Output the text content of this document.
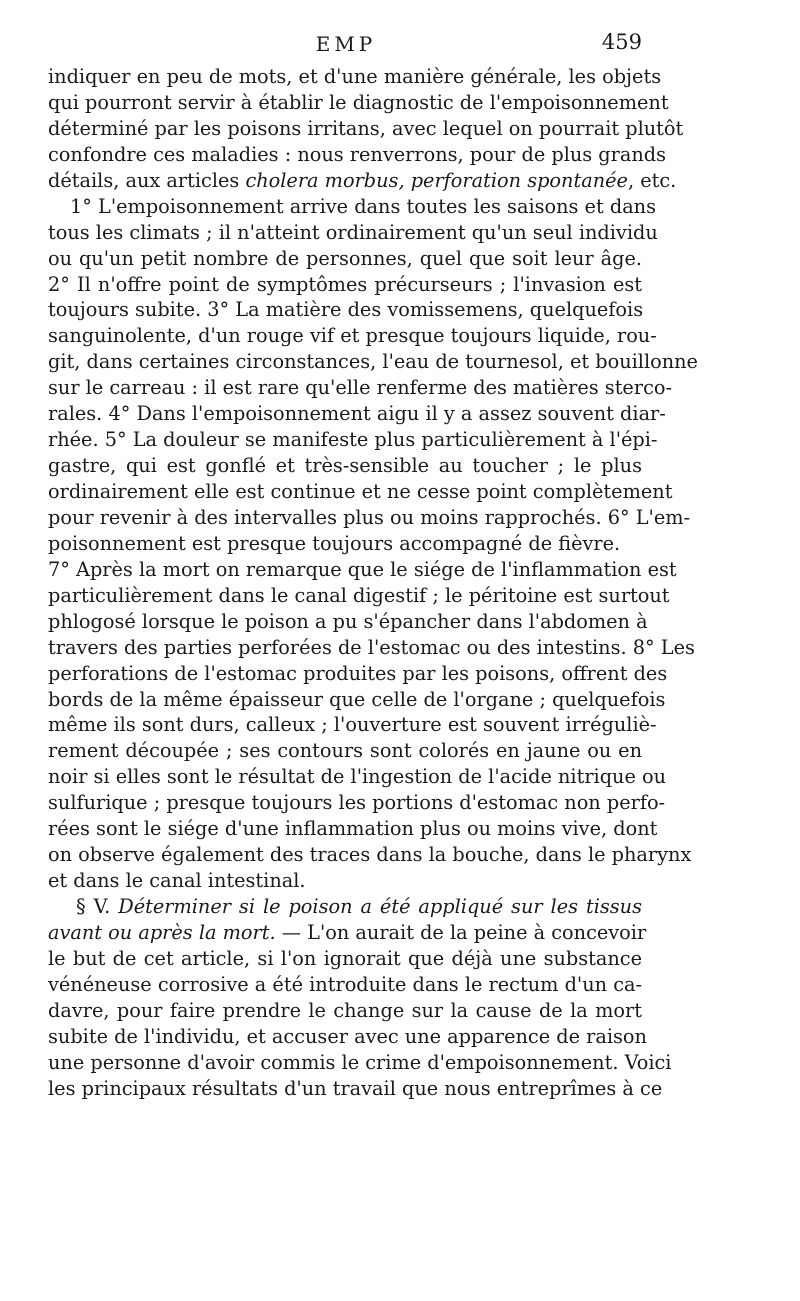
EMP	459
indiquer en peu de mots, et d'une manière générale, les objets
qui pourront servir à établir le diagnostic de l'empoisonnement
déterminé par les poisons irritans, avec lequel on pourrait plutôt
confondre ces maladies : nous renverrons, pour de plus grands
détails, aux articles cholera morbus, perforation spontanée, etc.
1° L'empoisonnement arrive dans toutes les saisons et dans
tous les climats ; il n'atteint ordinairement qu'un seul individu
ou qu'un petit nombre de personnes, quel que soit leur âge.
2° Il n'offre point de symptômes précurseurs ; l'invasion est
toujours subite. 3° La matière des vomissemens, quelquefois
sanguinolente, d'un rouge vif et presque toujours liquide, rou-
git, dans certaines circonstances, l'eau de tournesol, et bouillonne
sur le carreau : il est rare qu'elle renferme des matières sterco-
rales. 4° Dans l'empoisonnement aigu il y a assez souvent diar-
rhée. 5° La douleur se manifeste plus particulièrement à l'épi-
gastre, qui est gonflé et très-sensible au toucher ; le plus
ordinairement elle est continue et ne cesse point complètement
pour revenir à des intervalles plus ou moins rapprochés. 6° L'em-
poisonnement est presque toujours accompagné de fièvre.
7° Après la mort on remarque que le siége de l'inflammation est
particulièrement dans le canal digestif ; le péritoine est surtout
phlogosé lorsque le poison a pu s'épancher dans l'abdomen à
travers des parties perforées de l'estomac ou des intestins. 8° Les
perforations de l'estomac produites par les poisons, offrent des
bords de la même épaisseur que celle de l'organe ; quelquefois
même ils sont durs, calleux ; l'ouverture est souvent irréguliè-
rement découpée ; ses contours sont colorés en jaune ou en
noir si elles sont le résultat de l'ingestion de l'acide nitrique ou
sulfurique ; presque toujours les portions d'estomac non perfo-
rées sont le siége d'une inflammation plus ou moins vive, dont
on observe également des traces dans la bouche, dans le pharynx
et dans le canal intestinal.
§ V. Déterminer si le poison a été appliqué sur les tissus
avant ou après la mort. — L'on aurait de la peine à concevoir
le but de cet article, si l'on ignorait que déjà une substance
vénéneuse corrosive a été introduite dans le rectum d'un ca-
davre, pour faire prendre le change sur la cause de la mort
subite de l'individu, et accuser avec une apparence de raison
une personne d'avoir commis le crime d'empoisonnement. Voici
les principaux résultats d'un travail que nous entreprîmes à ce
